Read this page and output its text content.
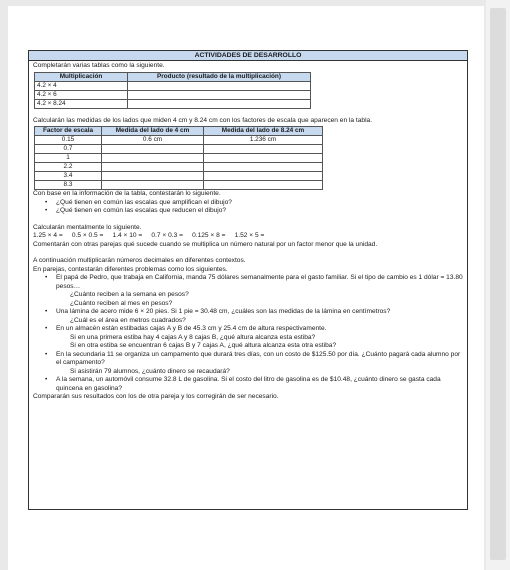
ACTIVIDADES DE DESARROLLO

Completarán varias tablas como la siguiente.

Multiplicación	Producto (resultado de la multiplicación)
4.2 × 4	
4.2 × 6	
4.2 × 8.24	

Calcularán las medidas de los lados que miden 4 cm y 8.24 cm con los factores de escala que aparecen en la tabla.

Factor de escala	Medida del lado de 4 cm	Medida del lado de 8.24 cm
0.15	0.6 cm	1.236 cm
0.7		
1		
2.2		
3.4		
8.3		

Con base en la información de la tabla, contestarán lo siguiente.

• ¿Qué tienen en común las escalas que amplifican el dibujo?
• ¿Qué tienen en común las escalas que reducen el dibujo?

Calcularán mentalmente lo siguiente.

1.25 × 4 =     0.5 × 0.5 =     1.4 × 10 =     0.7 × 0.3 =     0.125 × 8 =     1.52 × 5 =

Comentarán con otras parejas qué sucede cuando se multiplica un número natural por un factor menor que la unidad.

A continuación multiplicarán números decimales en diferentes contextos.

En parejas, contestarán diferentes problemas como los siguientes.

• El papá de Pedro, que trabaja en California, manda 75 dólares semanalmente para el gasto familiar. Si el tipo de cambio es 1 dólar = 13.80 pesos…

¿Cuánto reciben a la semana en pesos?

¿Cuánto reciben al mes en pesos?

• Una lámina de acero mide 6 × 20 pies. Si 1 pie = 30.48 cm, ¿cuáles son las medidas de la lámina en centímetros?

¿Cuál es el área en metros cuadrados?

• En un almacén están estibadas cajas A y B de 45.3 cm y 25.4 cm de altura respectivamente.

Si en una primera estiba hay 4 cajas A y 8 cajas B, ¿qué altura alcanza esta estiba?

Si en otra estiba se encuentran 6 cajas B y 7 cajas A, ¿qué altura alcanza esta otra estiba?

• En la secundaria 11 se organiza un campamento que durará tres días, con un costo de $125.50 por día. ¿Cuánto pagará cada alumno por el campamento?

Si asistirán 79 alumnos, ¿cuánto dinero se recaudará?

• A la semana, un automóvil consume 32.8 L de gasolina. Si el costo del litro de gasolina es de $10.48, ¿cuánto dinero se gasta cada quincena en gasolina?

Compararán sus resultados con los de otra pareja y los corregirán de ser necesario.
